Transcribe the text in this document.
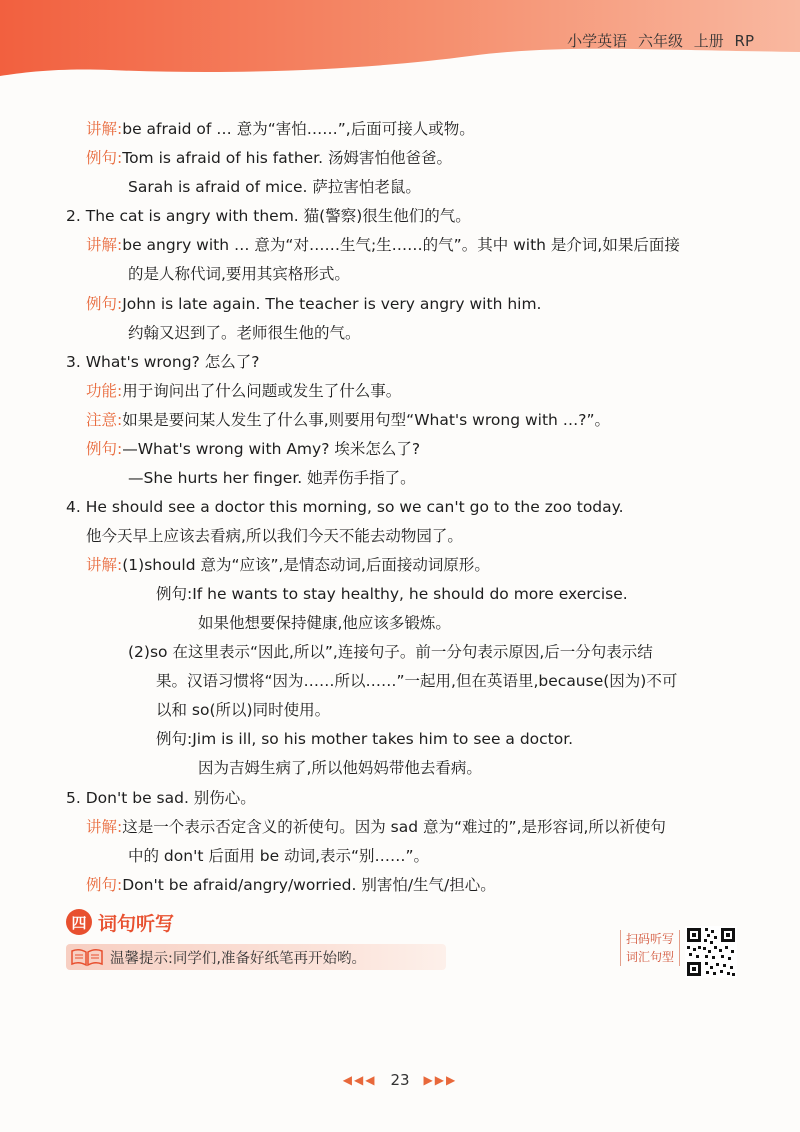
小学英语 六年级 上册 RP
讲解:be afraid of … 意为“害怕……”,后面可接人或物。
例句:Tom is afraid of his father. 汤姆害怕他爸爸。
Sarah is afraid of mice. 萨拉害怕老鼠。
2. The cat is angry with them. 猫(警察)很生他们的气。
讲解:be angry with … 意为“对……生气;生……的气”。其中 with 是介词,如果后面接
的是人称代词,要用其宾格形式。
例句:John is late again. The teacher is very angry with him.
约翰又迟到了。老师很生他的气。
3. What's wrong? 怎么了?
功能:用于询问出了什么问题或发生了什么事。
注意:如果是要问某人发生了什么事,则要用句型“What's wrong with …?”。
例句:—What's wrong with Amy? 埃米怎么了?
—She hurts her finger. 她弄伤手指了。
4. He should see a doctor this morning, so we can't go to the zoo today.
他今天早上应该去看病,所以我们今天不能去动物园了。
讲解:(1)should 意为“应该”,是情态动词,后面接动词原形。
例句:If he wants to stay healthy, he should do more exercise.
如果他想要保持健康,他应该多锻炼。
(2)so 在这里表示“因此,所以”,连接句子。前一分句表示原因,后一分句表示结
果。汉语习惯将“因为……所以……”一起用,但在英语里,because(因为)不可
以和 so(所以)同时使用。
例句:Jim is ill, so his mother takes him to see a doctor.
因为吉姆生病了,所以他妈妈带他去看病。
5. Don't be sad. 别伤心。
讲解:这是一个表示否定含义的祈使句。因为 sad 意为“难过的”,是形容词,所以祈使句
中的 don't 后面用 be 动词,表示“别……”。
例句:Don't be afraid/angry/worried. 别害怕/生气/担心。
四 词句听写
温馨提示:同学们,准备好纸笔再开始哟。
扫码听写
词汇句型
◀◀◀ 23 ▶▶▶
